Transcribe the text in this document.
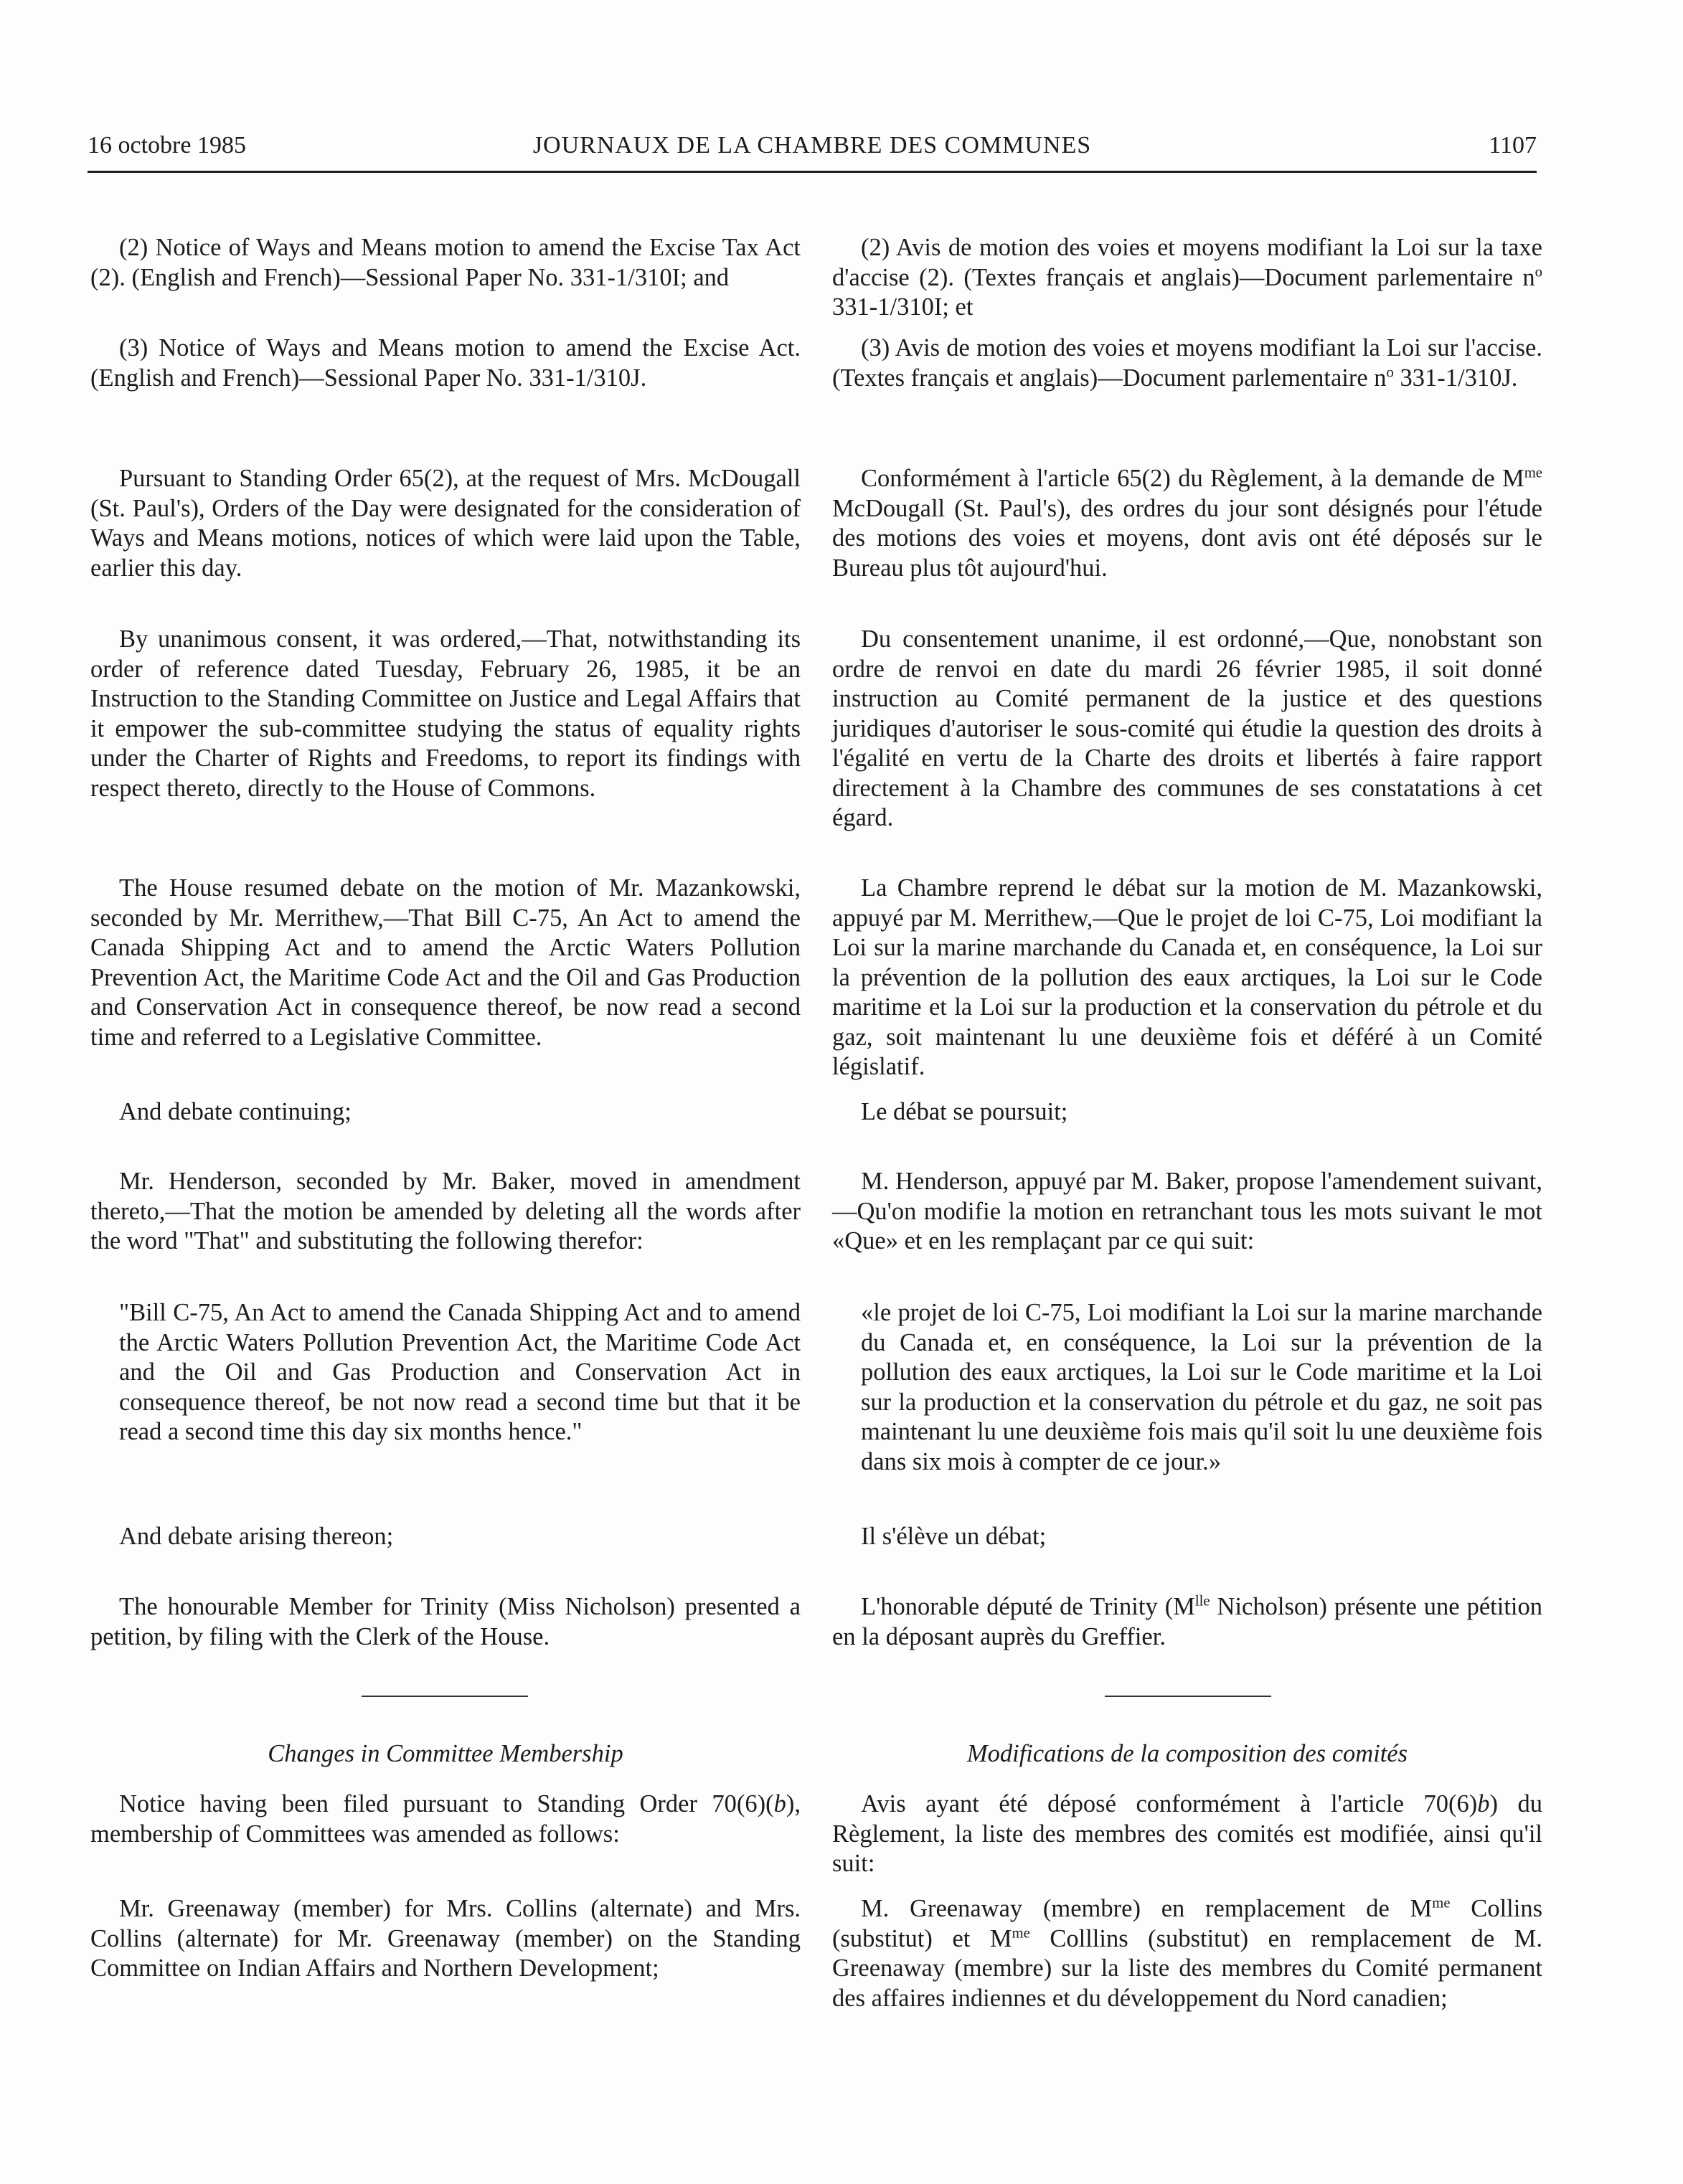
16 octobre 1985	JOURNAUX DE LA CHAMBRE DES COMMUNES	1107

(2) Notice of Ways and Means motion to amend the Excise Tax Act (2). (English and French)—Sessional Paper No. 331-1/310I; and

(3) Notice of Ways and Means motion to amend the Excise Act. (English and French)—Sessional Paper No. 331-1/310J.

Pursuant to Standing Order 65(2), at the request of Mrs. McDougall (St. Paul's), Orders of the Day were designated for the consideration of Ways and Means motions, notices of which were laid upon the Table, earlier this day.

By unanimous consent, it was ordered,—That, notwithstanding its order of reference dated Tuesday, February 26, 1985, it be an Instruction to the Standing Committee on Justice and Legal Affairs that it empower the sub-committee studying the status of equality rights under the Charter of Rights and Freedoms, to report its findings with respect thereto, directly to the House of Commons.

The House resumed debate on the motion of Mr. Mazankowski, seconded by Mr. Merrithew,—That Bill C-75, An Act to amend the Canada Shipping Act and to amend the Arctic Waters Pollution Prevention Act, the Maritime Code Act and the Oil and Gas Production and Conservation Act in consequence thereof, be now read a second time and referred to a Legislative Committee.

And debate continuing;

Mr. Henderson, seconded by Mr. Baker, moved in amendment thereto,—That the motion be amended by deleting all the words after the word "That" and substituting the following therefor:

"Bill C-75, An Act to amend the Canada Shipping Act and to amend the Arctic Waters Pollution Prevention Act, the Maritime Code Act and the Oil and Gas Production and Conservation Act in consequence thereof, be not now read a second time but that it be read a second time this day six months hence."

And debate arising thereon;

The honourable Member for Trinity (Miss Nicholson) presented a petition, by filing with the Clerk of the House.

Changes in Committee Membership

Notice having been filed pursuant to Standing Order 70(6)(b), membership of Committees was amended as follows:

Mr. Greenaway (member) for Mrs. Collins (alternate) and Mrs. Collins (alternate) for Mr. Greenaway (member) on the Standing Committee on Indian Affairs and Northern Development;

(2) Avis de motion des voies et moyens modifiant la Loi sur la taxe d'accise (2). (Textes français et anglais)—Document parlementaire $n^o$ 331-1/310I; et

(3) Avis de motion des voies et moyens modifiant la Loi sur l'accise. (Textes français et anglais)—Document parlementaire $n^o$ 331-1/310J.

Conformément à l'article 65(2) du Règlement, à la demande de $M^{me}$ McDougall (St. Paul's), des ordres du jour sont désignés pour l'étude des motions des voies et moyens, dont avis ont été déposés sur le Bureau plus tôt aujourd'hui.

Du consentement unanime, il est ordonné,—Que, nonobstant son ordre de renvoi en date du mardi 26 février 1985, il soit donné instruction au Comité permanent de la justice et des questions juridiques d'autoriser le sous-comité qui étudie la question des droits à l'égalité en vertu de la Charte des droits et libertés à faire rapport directement à la Chambre des communes de ses constatations à cet égard.

La Chambre reprend le débat sur la motion de M. Mazankowski, appuyé par M. Merrithew,—Que le projet de loi C-75, Loi modifiant la Loi sur la marine marchande du Canada et, en conséquence, la Loi sur la prévention de la pollution des eaux arctiques, la Loi sur le Code maritime et la Loi sur la production et la conservation du pétrole et du gaz, soit maintenant lu une deuxième fois et déféré à un Comité législatif.

Le débat se poursuit;

M. Henderson, appuyé par M. Baker, propose l'amendement suivant,—Qu'on modifie la motion en retranchant tous les mots suivant le mot «Que» et en les remplaçant par ce qui suit:

«le projet de loi C-75, Loi modifiant la Loi sur la marine marchande du Canada et, en conséquence, la Loi sur la prévention de la pollution des eaux arctiques, la Loi sur le Code maritime et la Loi sur la production et la conservation du pétrole et du gaz, ne soit pas maintenant lu une deuxième fois mais qu'il soit lu une deuxième fois dans six mois à compter de ce jour.»

Il s'élève un débat;

L'honorable député de Trinity ($M^{lle}$ Nicholson) présente une pétition en la déposant auprès du Greffier.

Modifications de la composition des comités

Avis ayant été déposé conformément à l'article 70(6)b) du Règlement, la liste des membres des comités est modifiée, ainsi qu'il suit:

M. Greenaway (membre) en remplacement de $M^{me}$ Collins (substitut) et $M^{me}$ Colllins (substitut) en remplacement de M. Greenaway (membre) sur la liste des membres du Comité permanent des affaires indiennes et du développement du Nord canadien;
